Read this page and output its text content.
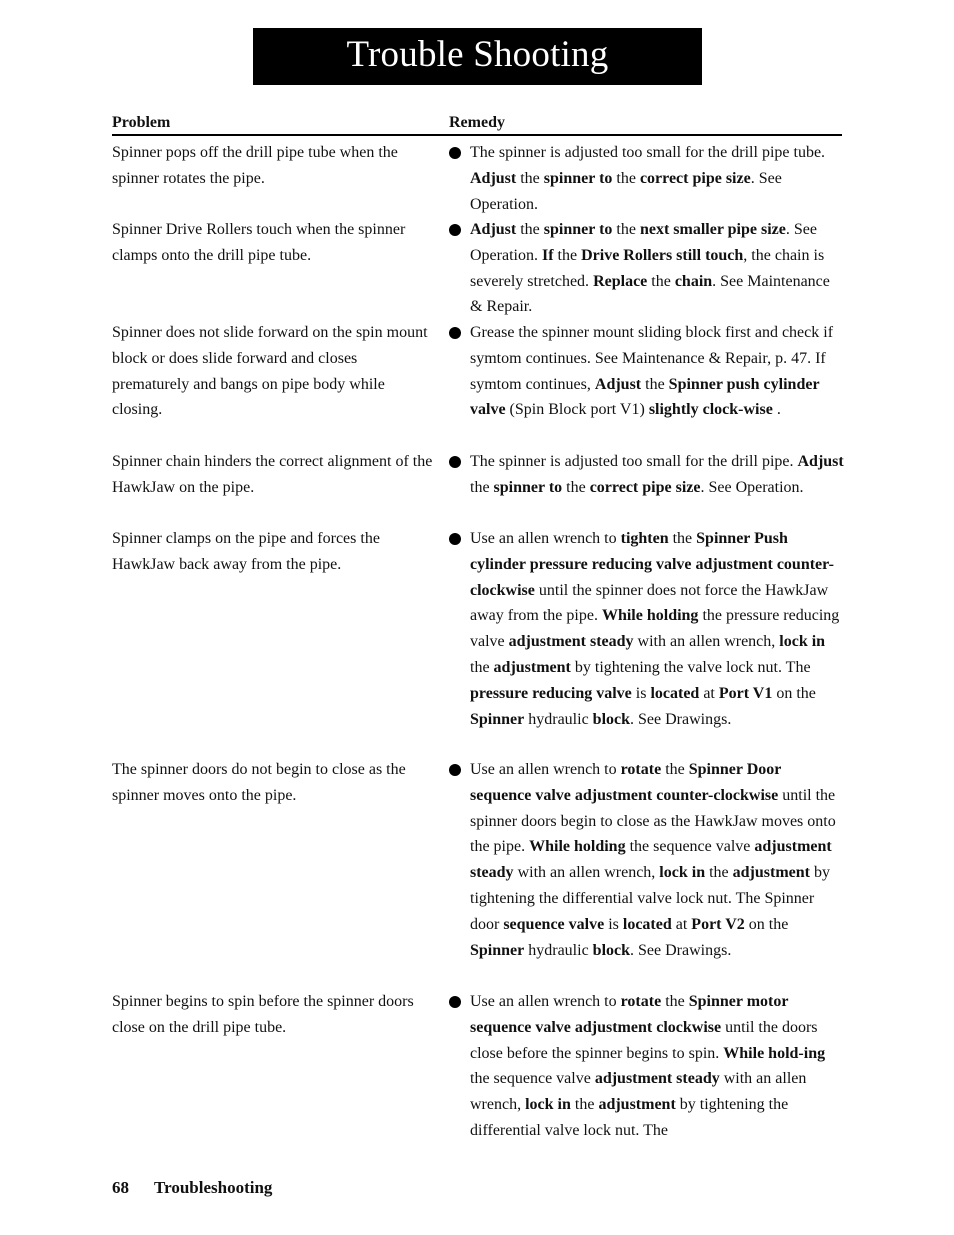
Trouble Shooting
Problem	Remedy
Spinner pops off the drill pipe tube when the spinner rotates the pipe.
The spinner is adjusted too small for the drill pipe tube. Adjust the spinner to the correct pipe size. See Operation.
Spinner Drive Rollers touch when the spinner clamps onto the drill pipe tube.
Adjust the spinner to the next smaller pipe size. See Operation. If the Drive Rollers still touch, the chain is severely stretched. Replace the chain. See Maintenance & Repair.
Spinner does not slide forward on the spin mount block or does slide forward and closes prematurely and bangs on pipe body while closing.
Grease the spinner mount sliding block first and check if symtom continues. See Maintenance & Repair, p. 47. If symtom continues, Adjust the Spinner push cylinder valve (Spin Block port V1) slightly clock-wise .
Spinner chain hinders the correct alignment of the HawkJaw on the pipe.
The spinner is adjusted too small for the drill pipe. Adjust the spinner to the correct pipe size. See Operation.
Spinner clamps on the pipe and forces the HawkJaw back away from the pipe.
Use an allen wrench to tighten the Spinner Push cylinder pressure reducing valve adjustment counter-clockwise until the spinner does not force the HawkJaw away from the pipe. While holding the pressure reducing valve adjustment steady with an allen wrench, lock in the adjustment by tightening the valve lock nut. The pressure reducing valve is located at Port V1 on the Spinner hydraulic block. See Drawings.
The spinner doors do not begin to close as the spinner moves onto the pipe.
Use an allen wrench to rotate the Spinner Door sequence valve adjustment counter-clockwise until the spinner doors begin to close as the HawkJaw moves onto the pipe. While holding the sequence valve adjustment steady with an allen wrench, lock in the adjustment by tightening the differential valve lock nut. The Spinner door sequence valve is located at Port V2 on the Spinner hydraulic block. See Drawings.
Spinner begins to spin before the spinner doors close on the drill pipe tube.
Use an allen wrench to rotate the Spinner motor sequence valve adjustment clockwise until the doors close before the spinner begins to spin. While hold-ing the sequence valve adjustment steady with an allen wrench, lock in the adjustment by tightening the differential valve lock nut. The
68 Troubleshooting
